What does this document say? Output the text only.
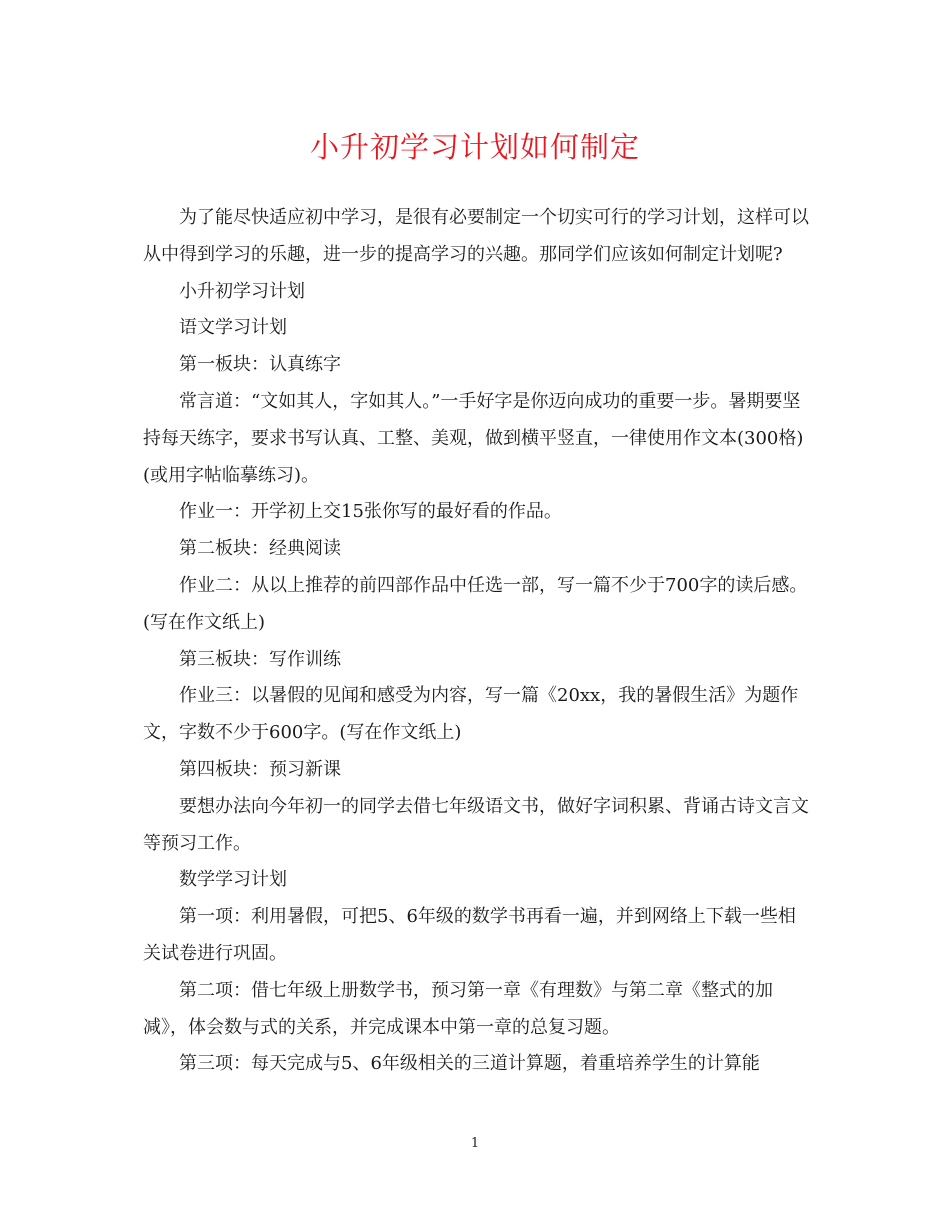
小升初学习计划如何制定

为了能尽快适应初中学习，是很有必要制定一个切实可行的学习计划，这样可以从中得到学习的乐趣，进一步的提高学习的兴趣。那同学们应该如何制定计划呢?

小升初学习计划

语文学习计划

第一板块：认真练字

常言道：“文如其人，字如其人。”一手好字是你迈向成功的重要一步。暑期要坚持每天练字，要求书写认真、工整、美观，做到横平竖直，一律使用作文本(300格)(或用字帖临摹练习)。

作业一：开学初上交15张你写的最好看的作品。

第二板块：经典阅读

作业二：从以上推荐的前四部作品中任选一部，写一篇不少于700字的读后感。(写在作文纸上)

第三板块：写作训练

作业三：以暑假的见闻和感受为内容，写一篇《20xx，我的暑假生活》为题作文，字数不少于600字。(写在作文纸上)

第四板块：预习新课

要想办法向今年初一的同学去借七年级语文书，做好字词积累、背诵古诗文言文等预习工作。

数学学习计划

第一项：利用暑假，可把5、6年级的数学书再看一遍，并到网络上下载一些相关试卷进行巩固。

第二项：借七年级上册数学书，预习第一章《有理数》与第二章《整式的加减》，体会数与式的关系，并完成课本中第一章的总复习题。

第三项：每天完成与5、6年级相关的三道计算题，着重培养学生的计算能

1
